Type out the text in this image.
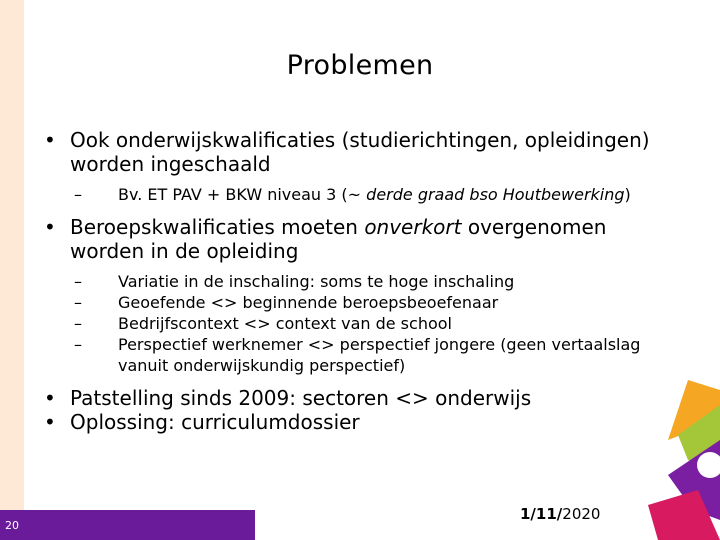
Problemen

• Ook onderwijskwalificaties (studierichtingen, opleidingen) worden ingeschaald

– Bv. ET PAV + BKW niveau 3 (~ derde graad bso Houtbewerking)

• Beroepskwalificaties moeten onverkort overgenomen worden in de opleiding

– Variatie in de inschaling: soms te hoge inschaling

– Geoefende <> beginnende beroepsbeoefenaar

– Bedrijfscontext <> context van de school

– Perspectief werknemer <> perspectief jongere (geen vertaalslag vanuit onderwijskundig perspectief)

• Patstelling sinds 2009: sectoren <> onderwijs

• Oplossing: curriculumdossier

20
1/11/2020
